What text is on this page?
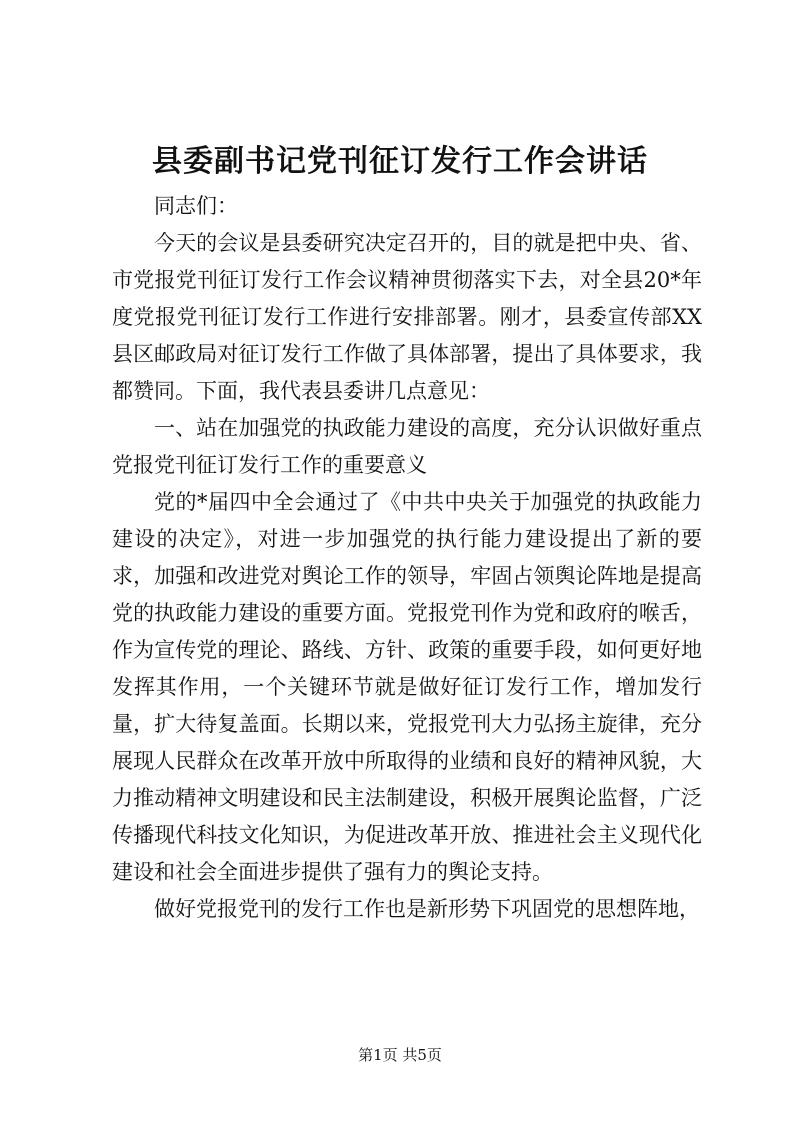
县委副书记党刊征订发行工作会讲话

同志们：

今天的会议是县委研究决定召开的，目的就是把中央、省、市党报党刊征订发行工作会议精神贯彻落实下去，对全县20*年度党报党刊征订发行工作进行安排部署。刚才，县委宣传部XX县区邮政局对征订发行工作做了具体部署，提出了具体要求，我都赞同。下面，我代表县委讲几点意见：

一、站在加强党的执政能力建设的高度，充分认识做好重点党报党刊征订发行工作的重要意义

党的*届四中全会通过了《中共中央关于加强党的执政能力建设的决定》，对进一步加强党的执行能力建设提出了新的要求，加强和改进党对舆论工作的领导，牢固占领舆论阵地是提高党的执政能力建设的重要方面。党报党刊作为党和政府的喉舌，作为宣传党的理论、路线、方针、政策的重要手段，如何更好地发挥其作用，一个关键环节就是做好征订发行工作，增加发行量，扩大待复盖面。长期以来，党报党刊大力弘扬主旋律，充分展现人民群众在改革开放中所取得的业绩和良好的精神风貌，大力推动精神文明建设和民主法制建设，积极开展舆论监督，广泛传播现代科技文化知识，为促进改革开放、推进社会主义现代化建设和社会全面进步提供了强有力的舆论支持。

做好党报党刊的发行工作也是新形势下巩固党的思想阵地，

第1页 共5页
